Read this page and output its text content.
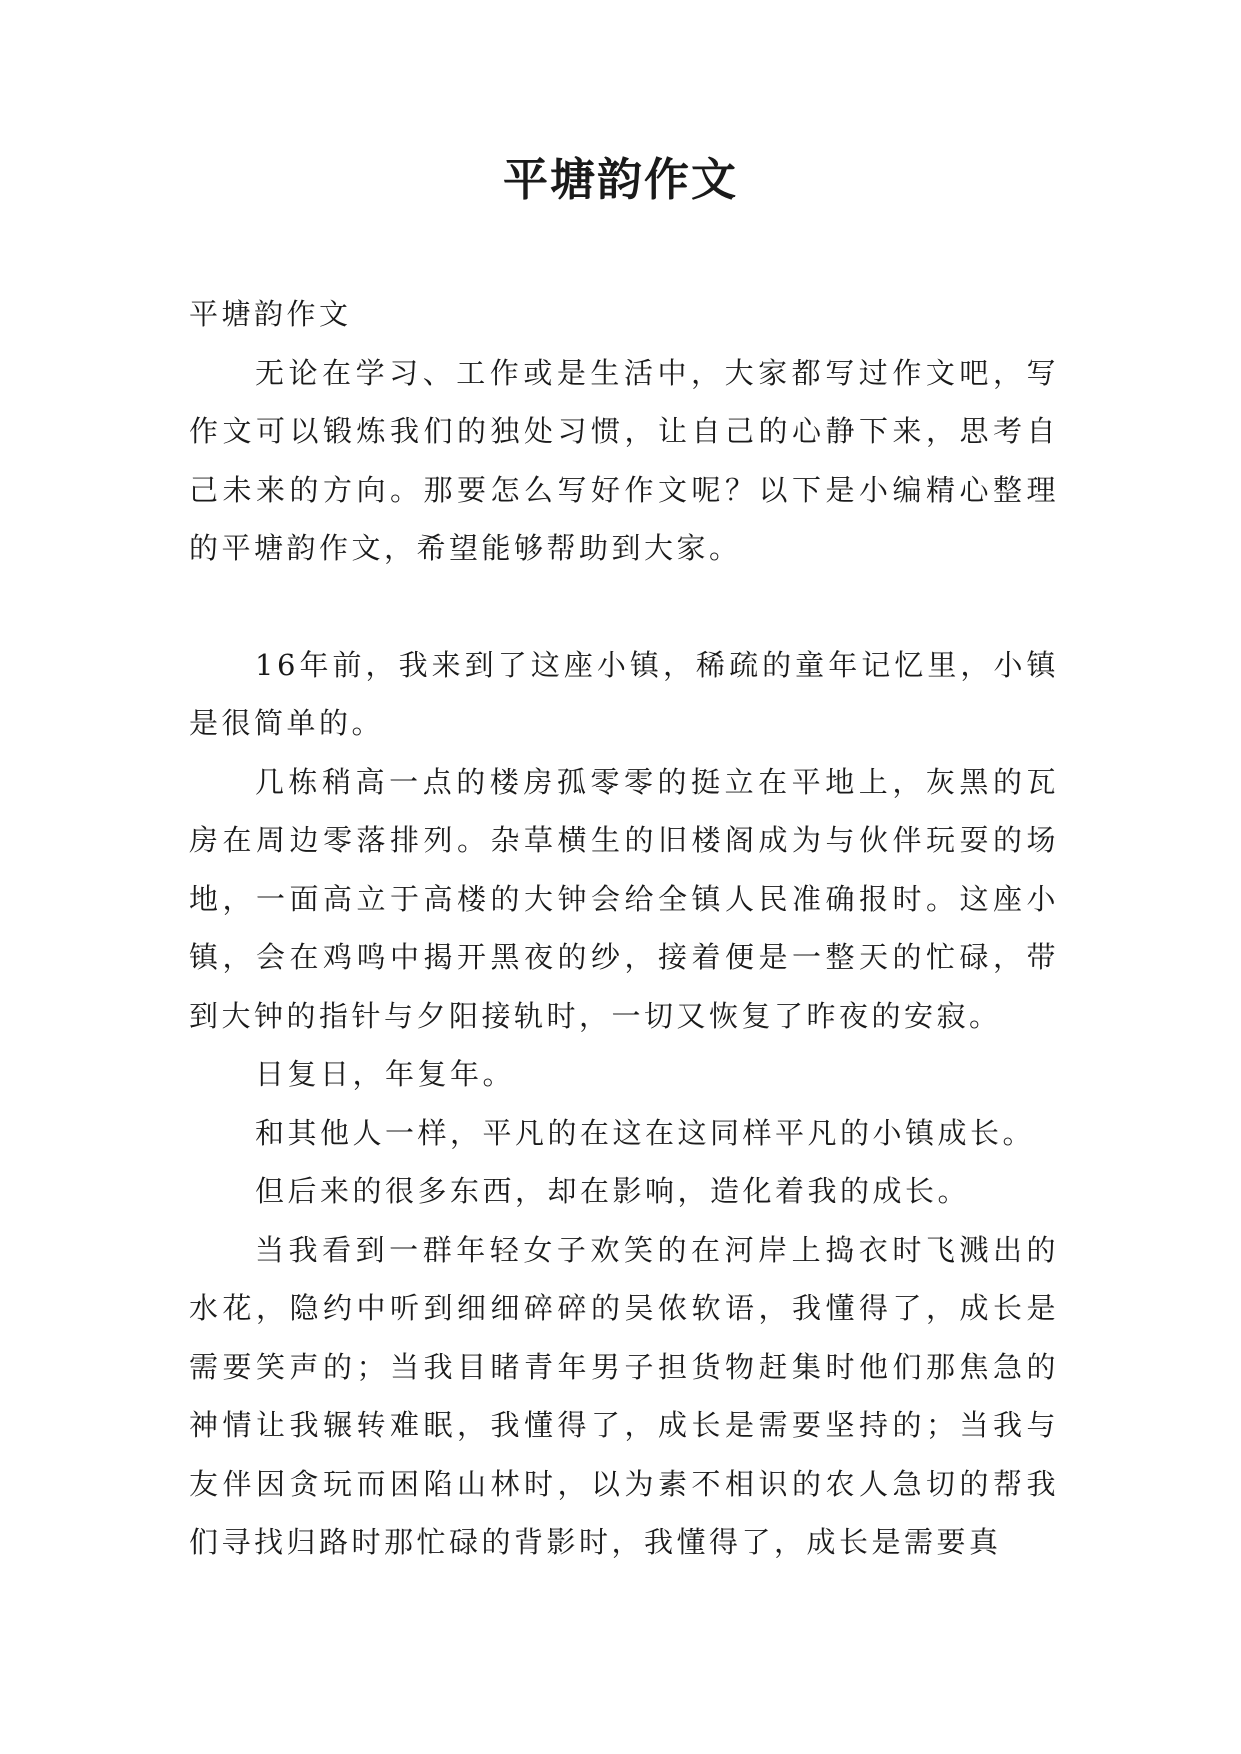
平塘韵作文

平塘韵作文

无论在学习、工作或是生活中，大家都写过作文吧，写作文可以锻炼我们的独处习惯，让自己的心静下来，思考自己未来的方向。那要怎么写好作文呢？以下是小编精心整理的平塘韵作文，希望能够帮助到大家。

16年前，我来到了这座小镇，稀疏的童年记忆里，小镇是很简单的。

几栋稍高一点的楼房孤零零的挺立在平地上，灰黑的瓦房在周边零落排列。杂草横生的旧楼阁成为与伙伴玩耍的场地，一面高立于高楼的大钟会给全镇人民准确报时。这座小镇，会在鸡鸣中揭开黑夜的纱，接着便是一整天的忙碌，带到大钟的指针与夕阳接轨时，一切又恢复了昨夜的安寂。

日复日，年复年。

和其他人一样，平凡的在这在这同样平凡的小镇成长。

但后来的很多东西，却在影响，造化着我的成长。

当我看到一群年轻女子欢笑的在河岸上捣衣时飞溅出的水花，隐约中听到细细碎碎的吴侬软语，我懂得了，成长是需要笑声的；当我目睹青年男子担货物赶集时他们那焦急的神情让我辗转难眠，我懂得了，成长是需要坚持的；当我与友伴因贪玩而困陷山林时，以为素不相识的农人急切的帮我们寻找归路时那忙碌的背影时，我懂得了，成长是需要真
